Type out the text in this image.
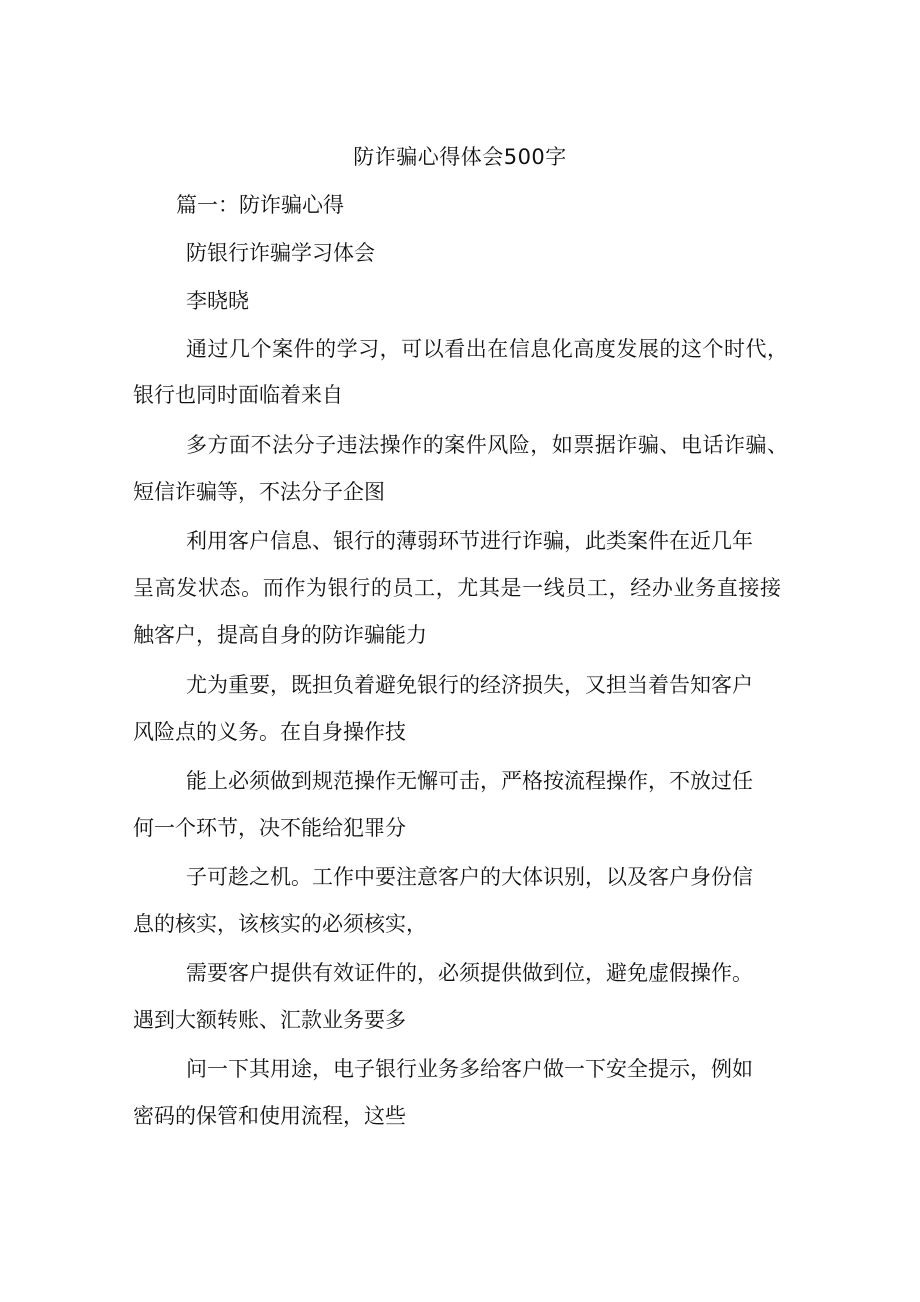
防诈骗心得体会500字
篇一：防诈骗心得
防银行诈骗学习体会
李晓晓
通过几个案件的学习，可以看出在信息化高度发展的这个时代，
银行也同时面临着来自
多方面不法分子违法操作的案件风险，如票据诈骗、电话诈骗、
短信诈骗等，不法分子企图
利用客户信息、银行的薄弱环节进行诈骗，此类案件在近几年
呈高发状态。而作为银行的员工，尤其是一线员工，经办业务直接接
触客户，提高自身的防诈骗能力
尤为重要，既担负着避免银行的经济损失，又担当着告知客户
风险点的义务。在自身操作技
能上必须做到规范操作无懈可击，严格按流程操作，不放过任
何一个环节，决不能给犯罪分
子可趁之机。工作中要注意客户的大体识别，以及客户身份信
息的核实，该核实的必须核实，
需要客户提供有效证件的，必须提供做到位，避免虚假操作。
遇到大额转账、汇款业务要多
问一下其用途，电子银行业务多给客户做一下安全提示，例如
密码的保管和使用流程，这些
